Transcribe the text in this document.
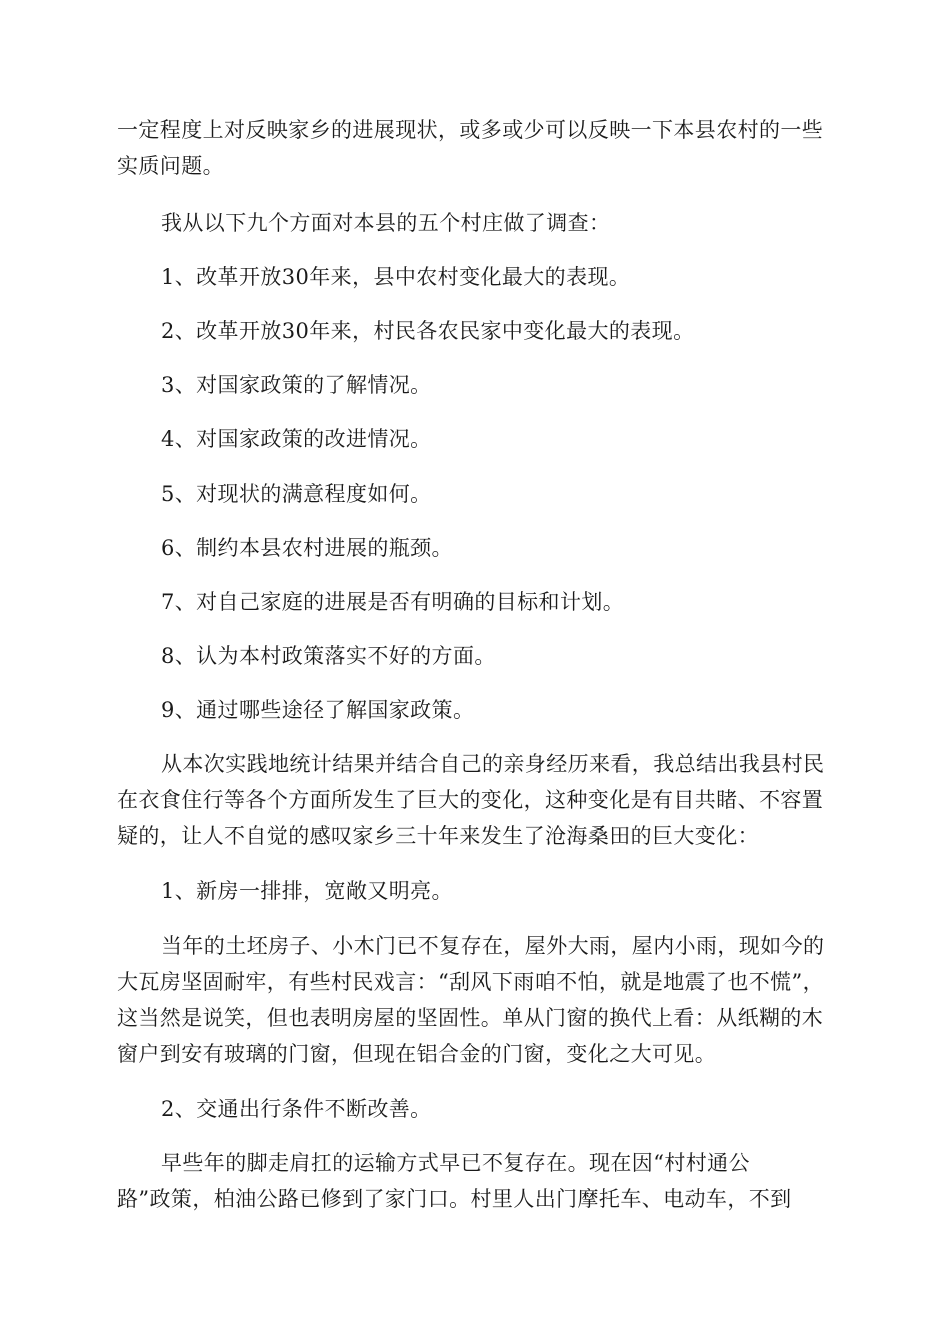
一定程度上对反映家乡的进展现状，或多或少可以反映一下本县农村的一些实质问题。

我从以下九个方面对本县的五个村庄做了调查：

1、改革开放30年来，县中农村变化最大的表现。

2、改革开放30年来，村民各农民家中变化最大的表现。

3、对国家政策的了解情况。

4、对国家政策的改进情况。

5、对现状的满意程度如何。

6、制约本县农村进展的瓶颈。

7、对自己家庭的进展是否有明确的目标和计划。

8、认为本村政策落实不好的方面。

9、通过哪些途径了解国家政策。

从本次实践地统计结果并结合自己的亲身经历来看，我总结出我县村民在衣食住行等各个方面所发生了巨大的变化，这种变化是有目共睹、不容置疑的，让人不自觉的感叹家乡三十年来发生了沧海桑田的巨大变化：

1、新房一排排，宽敞又明亮。

当年的土坯房子、小木门已不复存在，屋外大雨，屋内小雨，现如今的大瓦房坚固耐牢，有些村民戏言：“刮风下雨咱不怕，就是地震了也不慌”，这当然是说笑，但也表明房屋的坚固性。单从门窗的换代上看：从纸糊的木窗户到安有玻璃的门窗，但现在铝合金的门窗，变化之大可见。

2、交通出行条件不断改善。

早些年的脚走肩扛的运输方式早已不复存在。现在因“村村通公

路”政策，柏油公路已修到了家门口。村里人出门摩托车、电动车，不到
